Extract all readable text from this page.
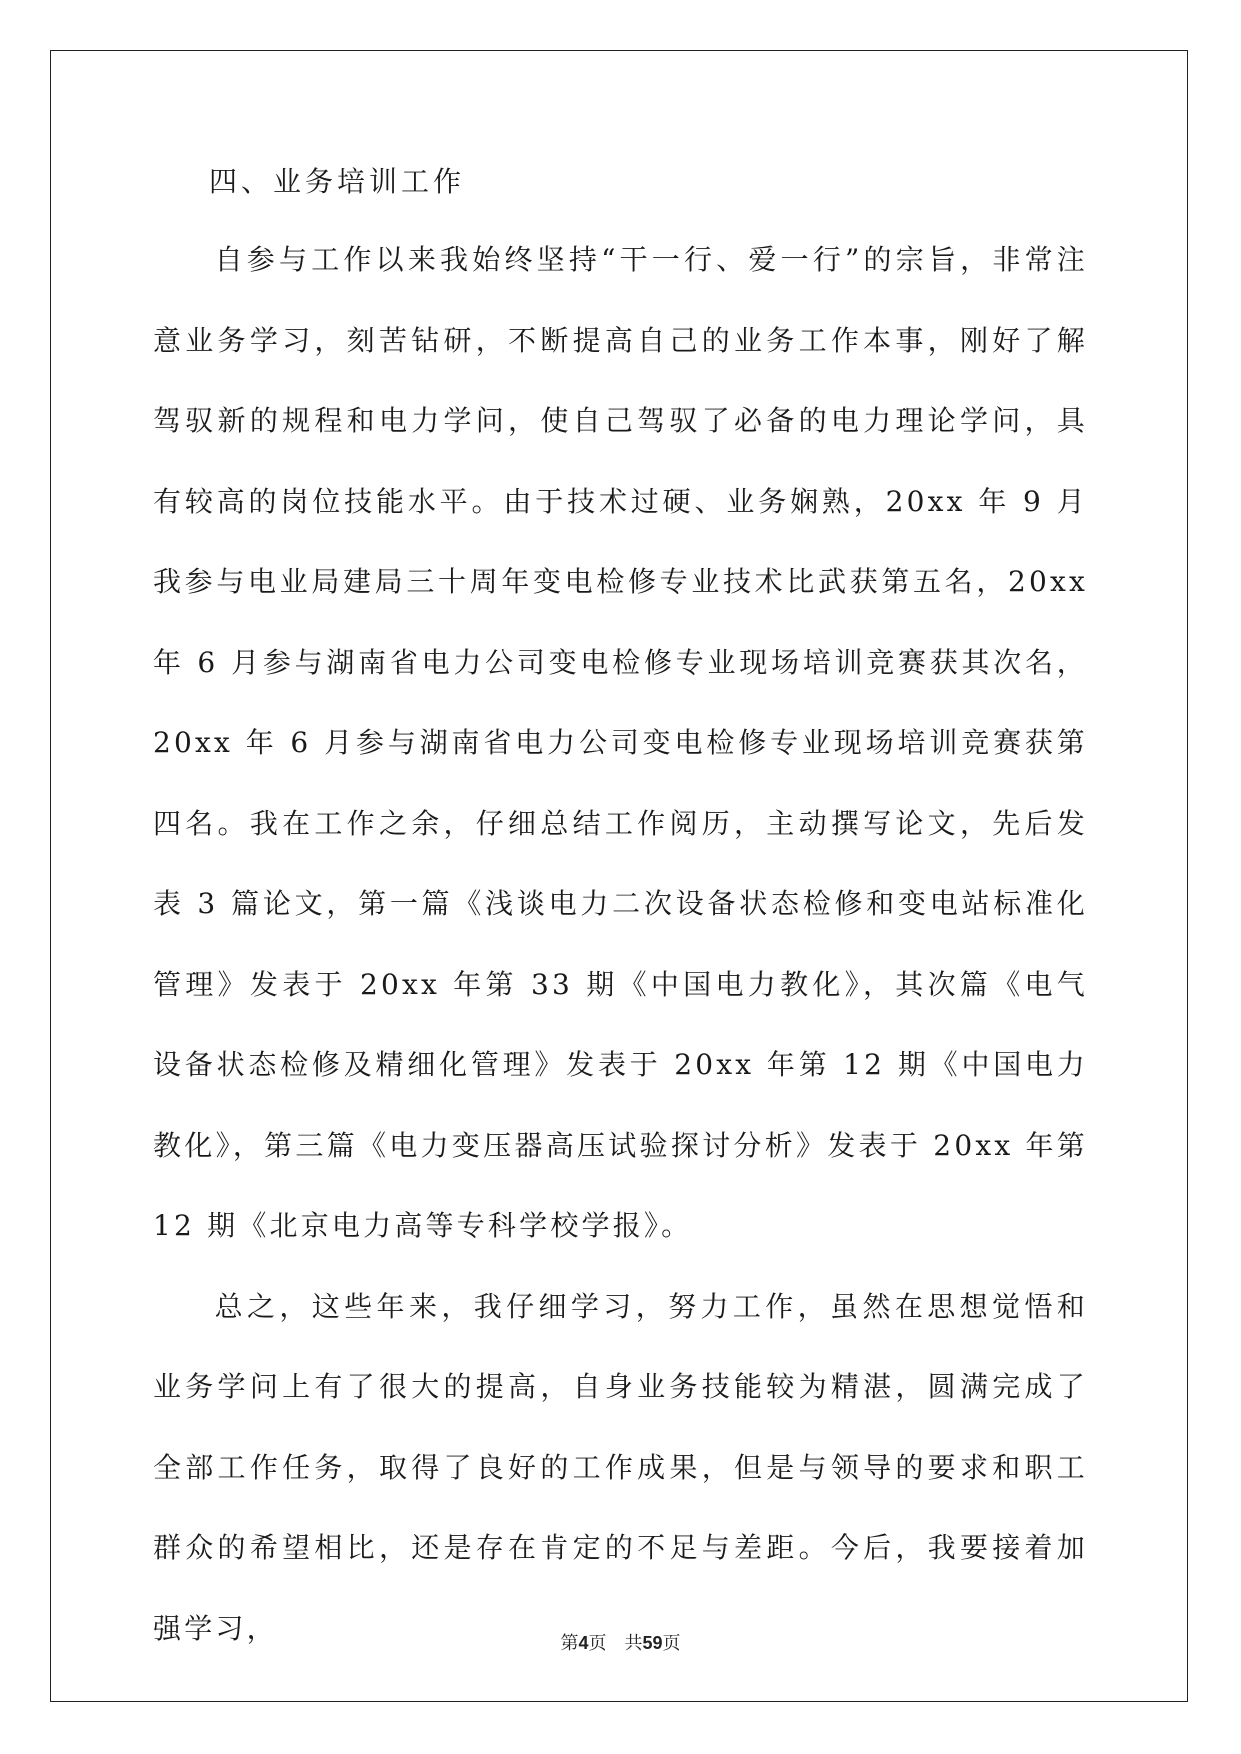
四、业务培训工作

自参与工作以来我始终坚持“干一行、爱一行”的宗旨，非常注意业务学习，刻苦钻研，不断提高自己的业务工作本事，刚好了解驾驭新的规程和电力学问，使自己驾驭了必备的电力理论学问，具有较高的岗位技能水平。由于技术过硬、业务娴熟，20xx 年 9 月我参与电业局建局三十周年变电检修专业技术比武获第五名，20xx 年 6 月参与湖南省电力公司变电检修专业现场培训竞赛获其次名，20xx 年 6 月参与湖南省电力公司变电检修专业现场培训竞赛获第四名。我在工作之余，仔细总结工作阅历，主动撰写论文，先后发表 3 篇论文，第一篇《浅谈电力二次设备状态检修和变电站标准化管理》发表于 20xx 年第 33 期《中国电力教化》，其次篇《电气设备状态检修及精细化管理》发表于 20xx 年第 12 期《中国电力教化》，第三篇《电力变压器高压试验探讨分析》发表于 20xx 年第 12 期《北京电力高等专科学校学报》。

总之，这些年来，我仔细学习，努力工作，虽然在思想觉悟和业务学问上有了很大的提高，自身业务技能较为精湛，圆满完成了全部工作任务，取得了良好的工作成果，但是与领导的要求和职工群众的希望相比，还是存在肯定的不足与差距。今后，我要接着加强学习，	第4页 共59页
